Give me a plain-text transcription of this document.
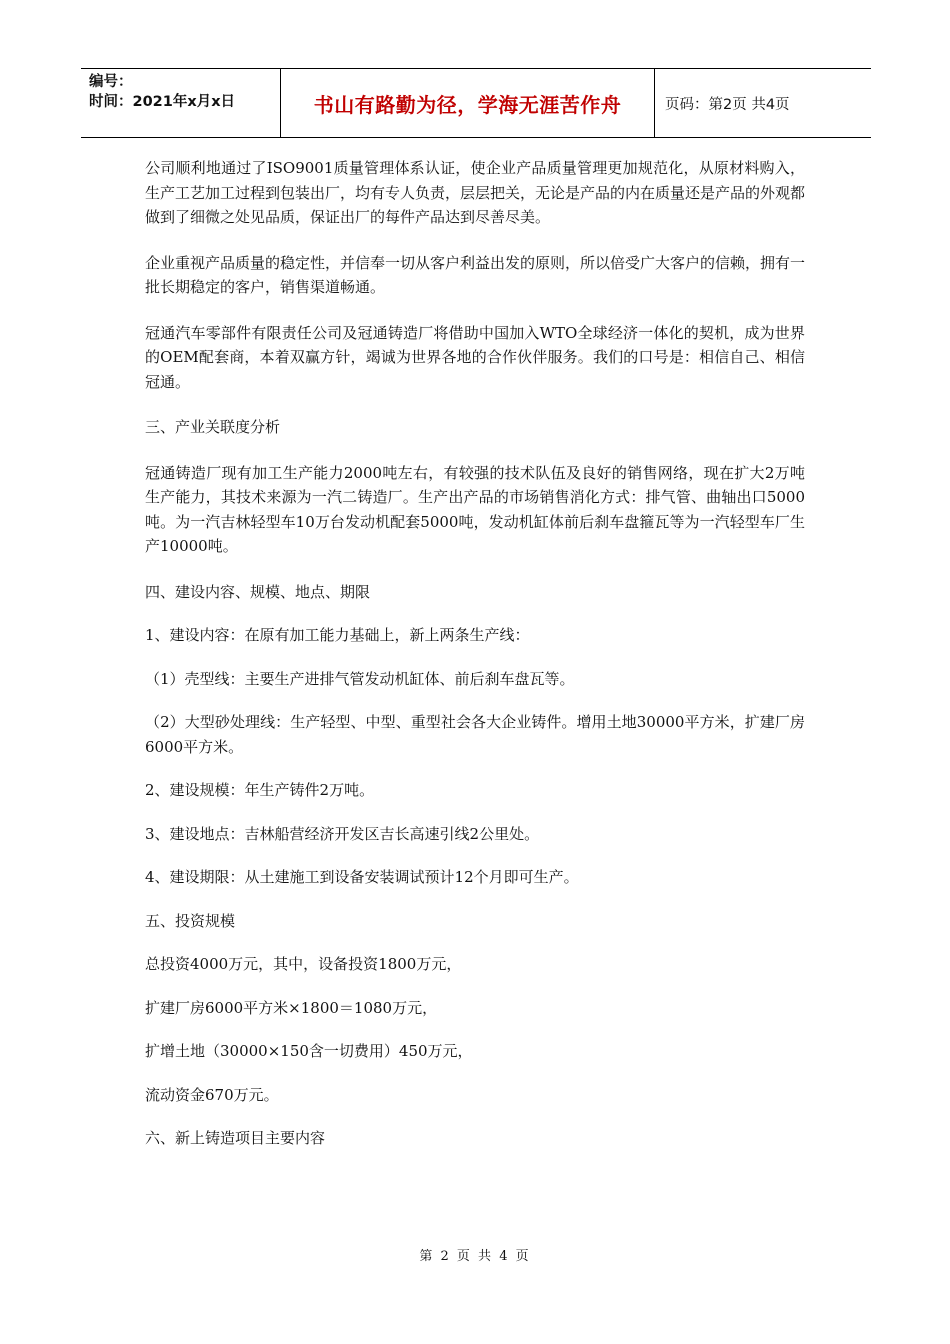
编号：
时间：2021年x月x日	书山有路勤为径，学海无涯苦作舟	页码：第2页 共4页

公司顺利地通过了ISO9001质量管理体系认证，使企业产品质量管理更加规范化，从原材料购入，生产工艺加工过程到包装出厂，均有专人负责，层层把关，无论是产品的内在质量还是产品的外观都做到了细微之处见品质，保证出厂的每件产品达到尽善尽美。

企业重视产品质量的稳定性，并信奉一切从客户利益出发的原则，所以倍受广大客户的信赖，拥有一批长期稳定的客户，销售渠道畅通。

冠通汽车零部件有限责任公司及冠通铸造厂将借助中国加入WTO全球经济一体化的契机，成为世界的OEM配套商，本着双赢方针，竭诚为世界各地的合作伙伴服务。我们的口号是：相信自己、相信冠通。

三、产业关联度分析

冠通铸造厂现有加工生产能力2000吨左右，有较强的技术队伍及良好的销售网络，现在扩大2万吨生产能力，其技术来源为一汽二铸造厂。生产出产品的市场销售消化方式：排气管、曲轴出口5000吨。为一汽吉林轻型车10万台发动机配套5000吨，发动机缸体前后刹车盘箍瓦等为一汽轻型车厂生产10000吨。

四、建设内容、规模、地点、期限

1、建设内容：在原有加工能力基础上，新上两条生产线：

（1）壳型线：主要生产进排气管发动机缸体、前后刹车盘瓦等。

（2）大型砂处理线：生产轻型、中型、重型社会各大企业铸件。增用土地30000平方米，扩建厂房6000平方米。

2、建设规模：年生产铸件2万吨。

3、建设地点：吉林船营经济开发区吉长高速引线2公里处。

4、建设期限：从土建施工到设备安装调试预计12个月即可生产。

五、投资规模

总投资4000万元，其中，设备投资1800万元，

扩建厂房6000平方米×1800＝1080万元，

扩增土地（30000×150含一切费用）450万元，

流动资金670万元。

六、新上铸造项目主要内容

第 2 页 共 4 页
